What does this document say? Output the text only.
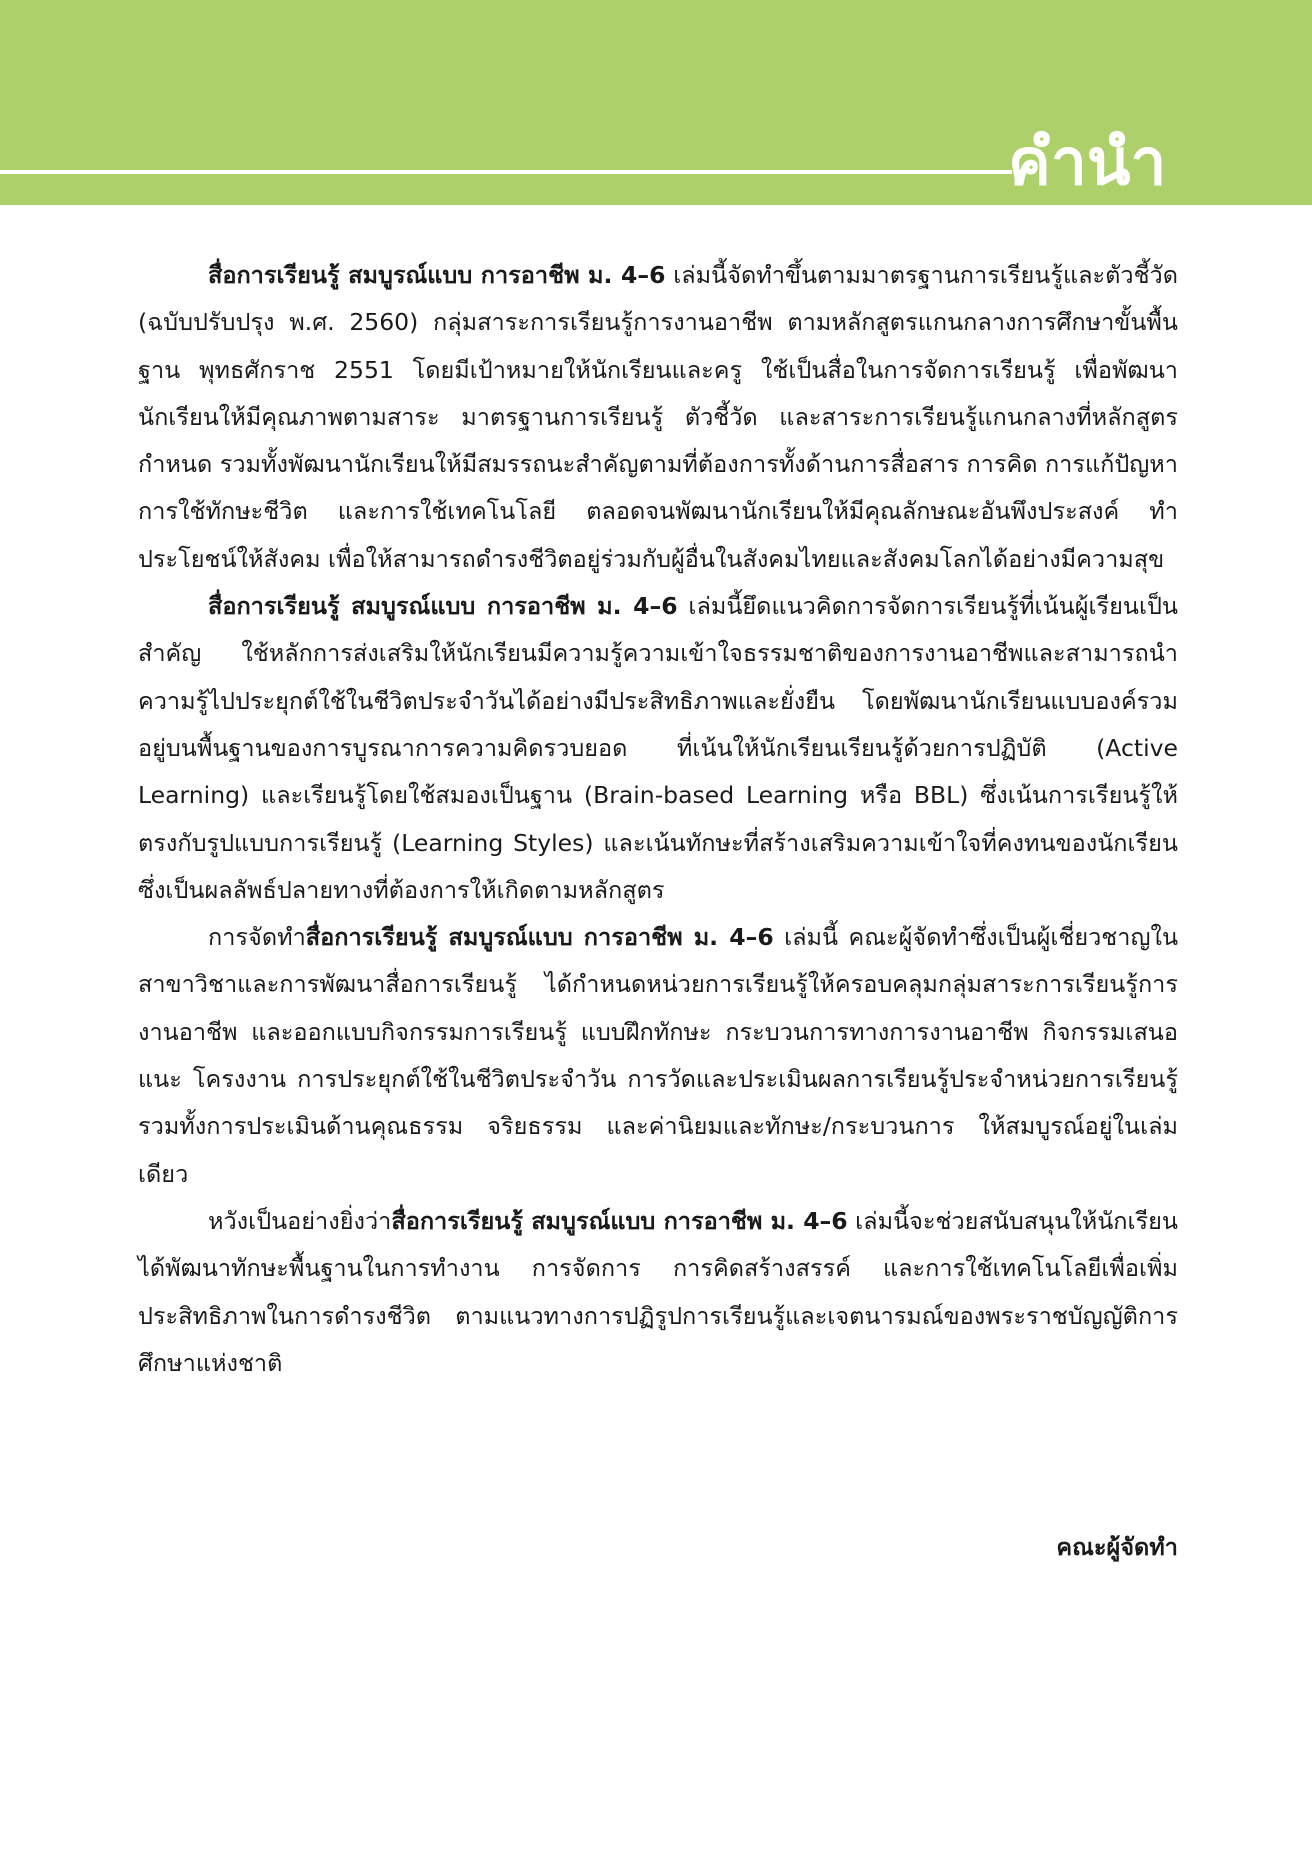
คำนำ

สื่อการเรียนรู้ สมบูรณ์แบบ การอาชีพ ม. 4–6 เล่มนี้จัดทำขึ้นตามมาตรฐานการเรียนรู้และตัวชี้วัด (ฉบับปรับปรุง พ.ศ. 2560) กลุ่มสาระการเรียนรู้การงานอาชีพ ตามหลักสูตรแกนกลางการศึกษาขั้นพื้นฐาน พุทธศักราช 2551 โดยมีเป้าหมายให้นักเรียนและครู ใช้เป็นสื่อในการจัดการเรียนรู้ เพื่อพัฒนานักเรียนให้มีคุณภาพตามสาระ มาตรฐานการเรียนรู้ ตัวชี้วัด และสาระการเรียนรู้แกนกลางที่หลักสูตรกำหนด รวมทั้งพัฒนานักเรียนให้มีสมรรถนะสำคัญตามที่ต้องการทั้งด้านการสื่อสาร การคิด การแก้ปัญหา การใช้ทักษะชีวิต และการใช้เทคโนโลยี ตลอดจนพัฒนานักเรียนให้มีคุณลักษณะอันพึงประสงค์ ทำประโยชน์ให้สังคม เพื่อให้สามารถดำรงชีวิตอยู่ร่วมกับผู้อื่นในสังคมไทยและสังคมโลกได้อย่างมีความสุข

สื่อการเรียนรู้ สมบูรณ์แบบ การอาชีพ ม. 4–6 เล่มนี้ยึดแนวคิดการจัดการเรียนรู้ที่เน้นผู้เรียนเป็นสำคัญ ใช้หลักการส่งเสริมให้นักเรียนมีความรู้ความเข้าใจธรรมชาติของการงานอาชีพและสามารถนำความรู้ไปประยุกต์ใช้ในชีวิตประจำวันได้อย่างมีประสิทธิภาพและยั่งยืน โดยพัฒนานักเรียนแบบองค์รวมอยู่บนพื้นฐานของการบูรณาการความคิดรวบยอด ที่เน้นให้นักเรียนเรียนรู้ด้วยการปฏิบัติ (Active Learning) และเรียนรู้โดยใช้สมองเป็นฐาน (Brain-based Learning หรือ BBL) ซึ่งเน้นการเรียนรู้ให้ตรงกับรูปแบบการเรียนรู้ (Learning Styles) และเน้นทักษะที่สร้างเสริมความเข้าใจที่คงทนของนักเรียนซึ่งเป็นผลลัพธ์ปลายทางที่ต้องการให้เกิดตามหลักสูตร

การจัดทำสื่อการเรียนรู้ สมบูรณ์แบบ การอาชีพ ม. 4–6 เล่มนี้ คณะผู้จัดทำซึ่งเป็นผู้เชี่ยวชาญในสาขาวิชาและการพัฒนาสื่อการเรียนรู้ ได้กำหนดหน่วยการเรียนรู้ให้ครอบคลุมกลุ่มสาระการเรียนรู้การงานอาชีพ และออกแบบกิจกรรมการเรียนรู้ แบบฝึกทักษะ กระบวนการทางการงานอาชีพ กิจกรรมเสนอแนะ โครงงาน การประยุกต์ใช้ในชีวิตประจำวัน การวัดและประเมินผลการเรียนรู้ประจำหน่วยการเรียนรู้ รวมทั้งการประเมินด้านคุณธรรม จริยธรรม และค่านิยมและทักษะ/กระบวนการ ให้สมบูรณ์อยู่ในเล่มเดียว

หวังเป็นอย่างยิ่งว่าสื่อการเรียนรู้ สมบูรณ์แบบ การอาชีพ ม. 4–6 เล่มนี้จะช่วยสนับสนุนให้นักเรียนได้พัฒนาทักษะพื้นฐานในการทำงาน การจัดการ การคิดสร้างสรรค์ และการใช้เทคโนโลยีเพื่อเพิ่มประสิทธิภาพในการดำรงชีวิต ตามแนวทางการปฏิรูปการเรียนรู้และเจตนารมณ์ของพระราชบัญญัติการศึกษาแห่งชาติ

คณะผู้จัดทำ
